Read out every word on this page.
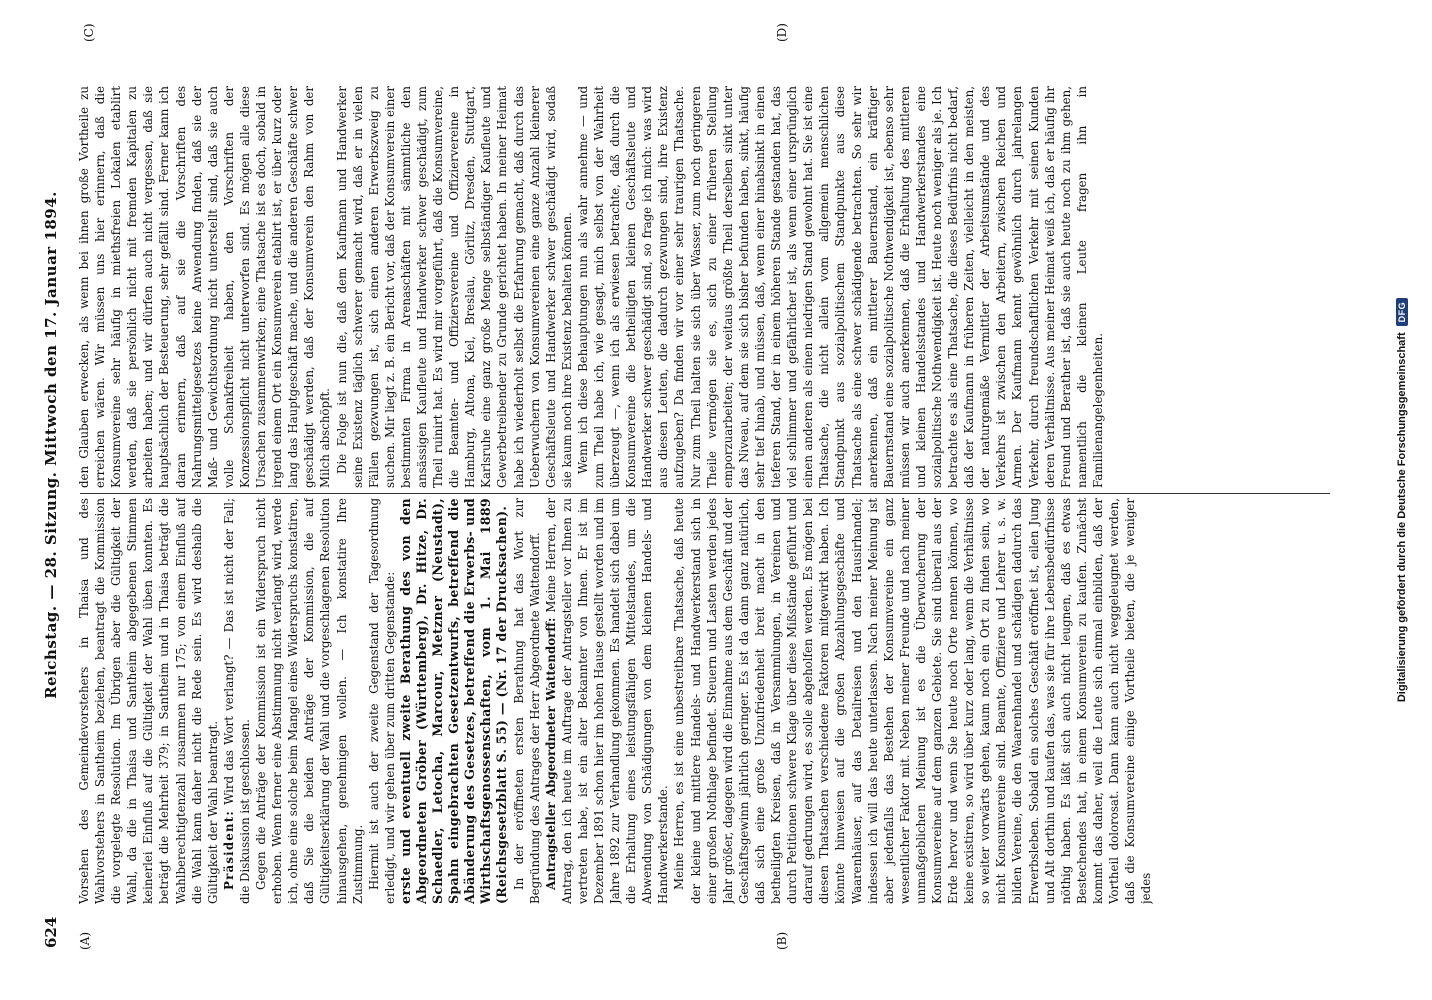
624
Reichstag. — 28. Sitzung. Mittwoch den 17. Januar 1894.
(A)	(B)
(C)	(D)

Vorsehen des Gemeindevorstehers in Thaisa und des Wahlvorstehers in Santheim beziehen, beantragt die Kommission die vorgelegte Resolution. Im Übrigen aber die Gültigkeit der Wahl, da die in Thaisa und Santheim abgegebenen Stimmen keinerlei Einfluß auf die Gültigkeit der Wahl üben konnten. Es beträgt die Mehrheit 379; in Santheim und in Thaisa beträgt die Wahlberechtigtenzahl zusammen nur 175; von einem Einfluß auf die Wahl kann daher nicht die Rede sein. Es wird deshalb die Gültigkeit der Wahl beantragt. Präsident: Wird das Wort verlangt? — Das ist nicht der Fall; die Diskussion ist geschlossen. Gegen die Anträge der Kommission ist ein Widerspruch nicht erhoben. Wenn ferner eine Abstimmung nicht verlangt wird, werde ich, ohne eine solche beim Mangel eines Widerspruchs konstatiren, daß Sie die beiden Anträge der Kommission, die auf Gültigkeitserklärung der Wahl und die vorgeschlagenen Resolution hinausgehen, genehmigen wollen. — Ich konstatire Ihre Zustimmung. Hiermit ist auch der zweite Gegenstand der Tagesordnung erledigt, und wir gehen über zum dritten Gegenstande: erste und eventuell zweite Berathung des von den Abgeordneten Gröber (Württemberg), Dr. Hitze, Dr. Schaedler, Letocha, Marcour, Metzner (Neustadt), Spahn eingebrachten Gesetzentwurfs, betreffend die Abänderung des Gesetzes, betreffend die Erwerbs- und Wirthschaftsgenossenschaften, vom 1. Mai 1889 (Reichsgesetzblatt S. 55) — (Nr. 17 der Drucksachen). In der eröffneten ersten Berathung hat das Wort zur Begründung des Antrages der Herr Abgeordnete Wattendorff. Antragsteller Abgeordneter Wattendorff: Meine Herren, der Antrag, den ich heute im Auftrage der Antragsteller vor Ihnen zu vertreten habe, ist ein alter Bekannter von Ihnen. Er ist im Dezember 1891 schon hier im hohen Hause gestellt worden und im Jahre 1892 zur Verhandlung gekommen. Es handelt sich dabei um die Erhaltung eines leistungsfähigen Mittelstandes, um die Abwendung von Schädigungen von dem kleinen Handels- und Handwerkerstande. Meine Herren, es ist eine unbestreitbare Thatsache, daß heute der kleine und mittlere Handels- und Handwerkerstand sich in einer großen Nothlage befindet. Steuern und Lasten werden jedes Jahr größer, dagegen wird die Einnahme aus dem Geschäft und der Geschäftsgewinn jährlich geringer. Es ist da dann ganz natürlich, daß sich eine große Unzufriedenheit breit macht in den betheiligten Kreisen, daß in Versammlungen, in Vereinen und durch Petitionen schwere Klage über diese Mißstände geführt und darauf gedrungen wird, es solle abgeholfen werden. Es mögen bei diesen Thatsachen verschiedene Faktoren mitgewirkt haben. Ich könnte hinweisen auf die großen Abzahlungsgeschäfte und Waarenhäuser, auf das Detailreisen und den Hausirhandel; indessen ich will das heute unterlassen. Nach meiner Meinung ist aber jedenfalls das Bestehen der Konsumvereine ein ganz wesentlicher Faktor mit. Neben meiner Freunde und nach meiner unmaßgeblichen Meinung ist es die Überwucherung der Konsumvereine auf dem ganzen Gebiete. Sie sind überall aus der Erde hervor und wenn Sie heute noch Orte nennen können, wo keine existiren, so wird über kurz oder lang, wenn die Verhältnisse so weiter vorwärts gehen, kaum noch ein Ort zu finden sein, wo nicht Konsumvereine sind. Beamte, Offiziere und Lehrer u. s. w. bilden Vereine, die den Waarenhandel und schädigen dadurch das Erwerbsleben. Sobald ein solches Geschäft eröffnet ist, eilen Jung und Alt dorthin und kaufen das, was sie für ihre Lebensbedürfnisse nöthig haben. Es läßt sich auch nicht leugnen, daß es etwas Bestechendes hat, in einem Konsumverein zu kaufen. Zunächst kommt das daher, weil die Leute sich einmal einbilden, daß der Vortheil dolorosat. Dann kann auch nicht weggeleugnet werden, daß die Konsumvereine einige Vortheile bieten, die je weniger jedes

den Glauben erwecken, als wenn bei ihnen große Vortheile zu erreichen wären. Wir müssen uns hier erinnern, daß die Konsumvereine sehr häufig in miethsfreien Lokalen etablirt werden, daß sie persönlich nicht mit fremden Kapitalen zu arbeiten haben; und wir dürfen auch nicht vergessen, daß sie hauptsächlich der Besteuerung, sehr gefällt sind. Ferner kann ich daran erinnern, daß auf sie die Vorschriften des Nahrungsmittelgesetzes keine Anwendung finden, daß sie der Maß- und Gewichtsordnung nicht unterstellt sind, daß sie auch volle Schankfreiheit haben, den Vorschriften der Konzessionspflicht nicht unterworfen sind. Es mögen alle diese Ursachen zusammenwirken; eine Thatsache ist es doch, sobald in irgend einem Ort ein Konsumverein etablirt ist, er über kurz oder lang das Hauptgeschäft mache, und die anderen Geschäfte schwer geschädigt werden, daß der Konsumverein den Rahm von der Milch abschöpft. Die Folge ist nun die, daß dem Kaufmann und Handwerker seine Existenz täglich schwerer gemacht wird, daß er in vielen Fällen gezwungen ist, sich einen anderen Erwerbszweig zu suchen. Mir liegt z. B. ein Bericht vor, daß der Konsumverein einer bestimmten Firma in Arenaschäften mit sämmtliche den ansässigen Kaufleute und Handwerker schwer geschädigt, zum Theil ruinirt hat. Es wird mir vorgeführt, daß die Konsumvereine, die Beamten- und Offiziersvereine und Offiziervereine in Hamburg, Altona, Kiel, Breslau, Görlitz, Dresden, Stuttgart, Karlsruhe eine ganz große Menge selbständiger Kaufleute und Gewerbetreibender zu Grunde gerichtet haben. In meiner Heimat habe ich wiederholt selbst die Erfahrung gemacht, daß durch das Ueberwuchern von Konsumvereinen eine ganze Anzahl kleinerer Geschäftsleute und Handwerker schwer geschädigt wird, sodaß sie kaum noch ihre Existenz behalten können. Wenn ich diese Behauptungen nun als wahr annehme — und zum Theil habe ich, wie gesagt, mich selbst von der Wahrheit überzeugt —, wenn ich als erwiesen betrachte, daß durch die Konsumvereine die betheiligten kleinen Geschäftsleute und Handwerker schwer geschädigt sind, so frage ich mich: was wird aus diesen Leuten, die dadurch gezwungen sind, ihre Existenz aufzugeben? Da finden wir vor einer sehr traurigen Thatsache. Nur zum Theil halten sie sich über Wasser, zum noch geringeren Theile vermögen sie es, sich zu einer früheren Stellung emporzuarbeiten; der weitaus größte Theil derselben sinkt unter das Niveau, auf dem sie sich bisher befunden haben, sinkt, häufig sehr tief hinab, und müssen, daß, wenn einer hinabsinkt in einen tieferen Stand, der in einem höheren Stande gestanden hat, das viel schlimmer und gefährlicher ist, als wenn einer ursprünglich einen anderen als einen niedrigen Stand gewohnt hat. Sie ist eine Thatsache, die nicht allein vom allgemein menschlichen Standpunkt aus sozialpolitischem Standpunkte aus diese Thatsache als eine schwer schädigende betrachten. So sehr wir anerkennen, daß ein mittlerer Bauernstand, ein kräftiger Bauernstand eine sozialpolitische Nothwendigkeit ist, ebenso sehr müssen wir auch anerkennen, daß die Erhaltung des mittleren und kleinen Handelsstandes und Handwerkerstandes eine sozialpolitische Nothwendigkeit ist. Heute noch weniger als je. Ich betrachte es als eine Thatsache, die dieses Bedürfnis nicht bedarf, daß der Kaufmann in früheren Zeiten, vielleicht in den meisten, der naturgemäße Vermittler der Arbeitsumstände und des Verkehrs ist zwischen den Arbeitern, zwischen Reichen und Armen. Der Kaufmann kennt gewöhnlich durch jahrelangen Verkehr, durch freundschaftlichen Verkehr mit seinen Kunden deren Verhältnisse. Aus meiner Heimat weiß ich, daß er häufig ihr Freund und Berather ist, daß sie auch heute noch zu ihm gehen, namentlich die kleinen Leute fragen ihn in Familienangelegenheiten.	Digitalisierung gefördert durch die Deutsche Forschungsgemeinschaft
DFG
